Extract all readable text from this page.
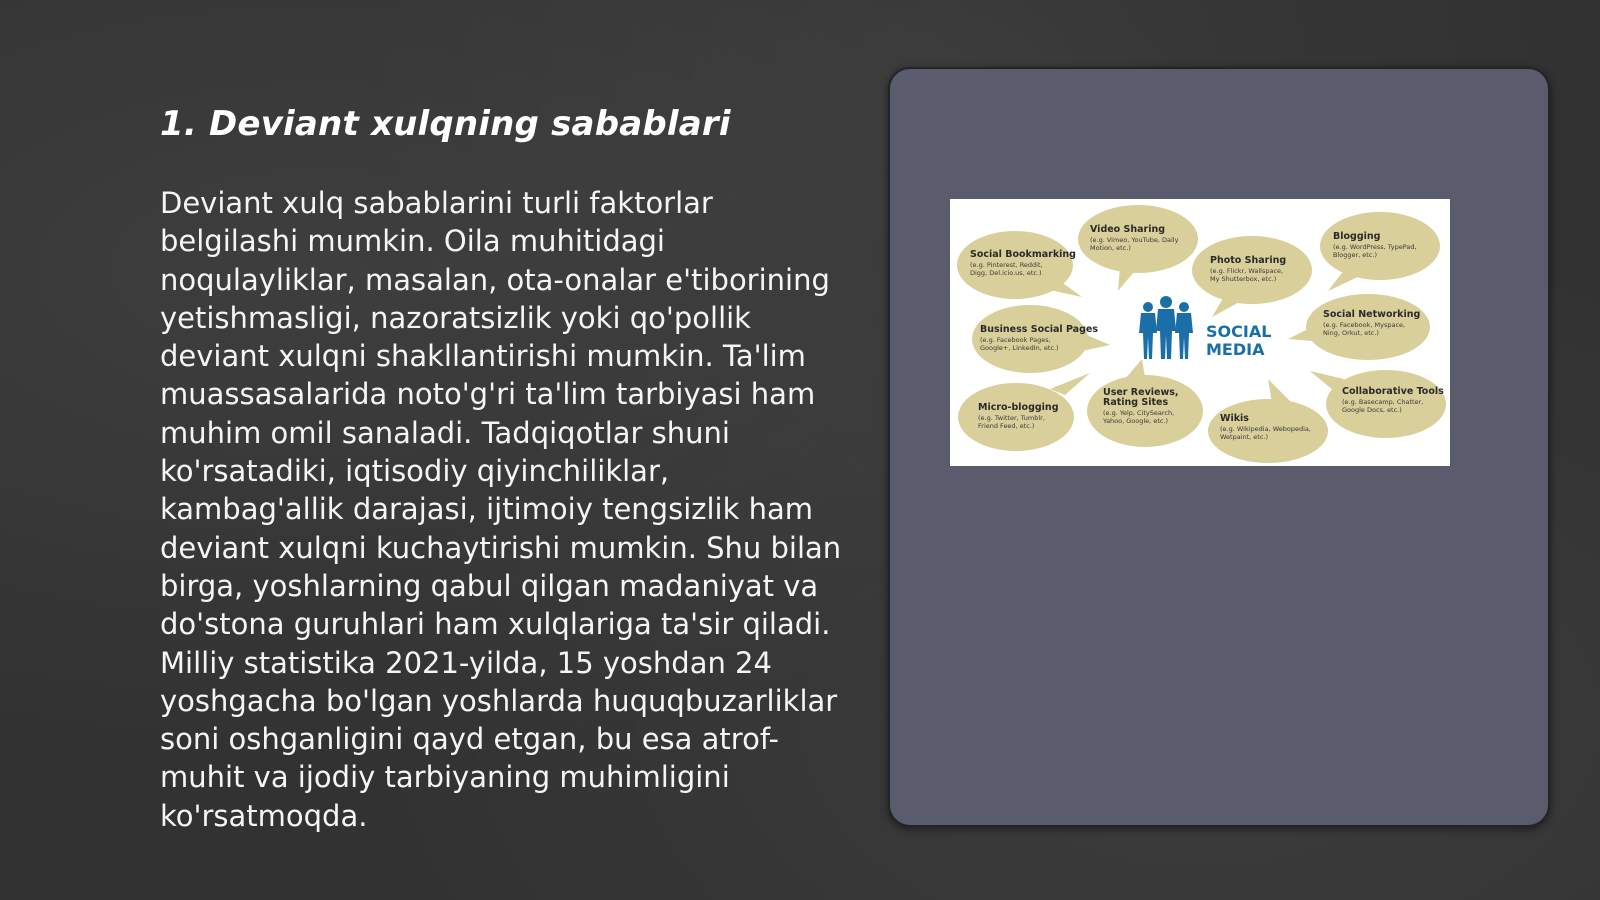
1. Deviant xulqning sabablari

Deviant xulq sabablarini turli faktorlar belgilashi mumkin. Oila muhitidagi noqulayliklar, masalan, ota-onalar e'tiborining yetishmasligi, nazoratsizlik yoki qo'pollik deviant xulqni shakllantirishi mumkin. Ta'lim muassasalarida noto'g'ri ta'lim tarbiyasi ham muhim omil sanaladi. Tadqiqotlar shuni ko'rsatadiki, iqtisodiy qiyinchiliklar, kambag'allik darajasi, ijtimoiy tengsizlik ham deviant xulqni kuchaytirishi mumkin. Shu bilan birga, yoshlarning qabul qilgan madaniyat va do'stona guruhlari ham xulqlariga ta'sir qiladi. Milliy statistika 2021-yilda, 15 yoshdan 24 yoshgacha bo'lgan yoshlarda huquqbuzarliklar soni oshganligini qayd etgan, bu esa atrof-muhit va ijodiy tarbiyaning muhimligini ko'rsatmoqda.

Social Bookmarking
(e.g. Pinterest, Reddit,
Digg, Del.icio.us, etc.)
Video Sharing
(e.g. Vimeo, YouTube, Daily
Motion, etc.)
Photo Sharing
(e.g. Flickr, Wallspace,
My Shutterbox, etc.)
Blogging
(e.g. WordPress, TypePad,
Blogger, etc.)
Business Social Pages
(e.g. Facebook Pages,
Google+, LinkedIn, etc.)
Social Networking
(e.g. Facebook, Myspace,
Ning, Orkut, etc.)
Micro-blogging
(e.g. Twitter, Tumblr,
Friend Feed, etc.)
User Reviews,
Rating Sites
(e.g. Yelp, CitySearch,
Yahoo, Google, etc.)	Wikis
(e.g. Wikipedia, Webopedia,
Wetpaint, etc.)
Collaborative Tools
(e.g. Basecamp, Chatter,
Google Docs, etc.)
SOCIAL
MEDIA
